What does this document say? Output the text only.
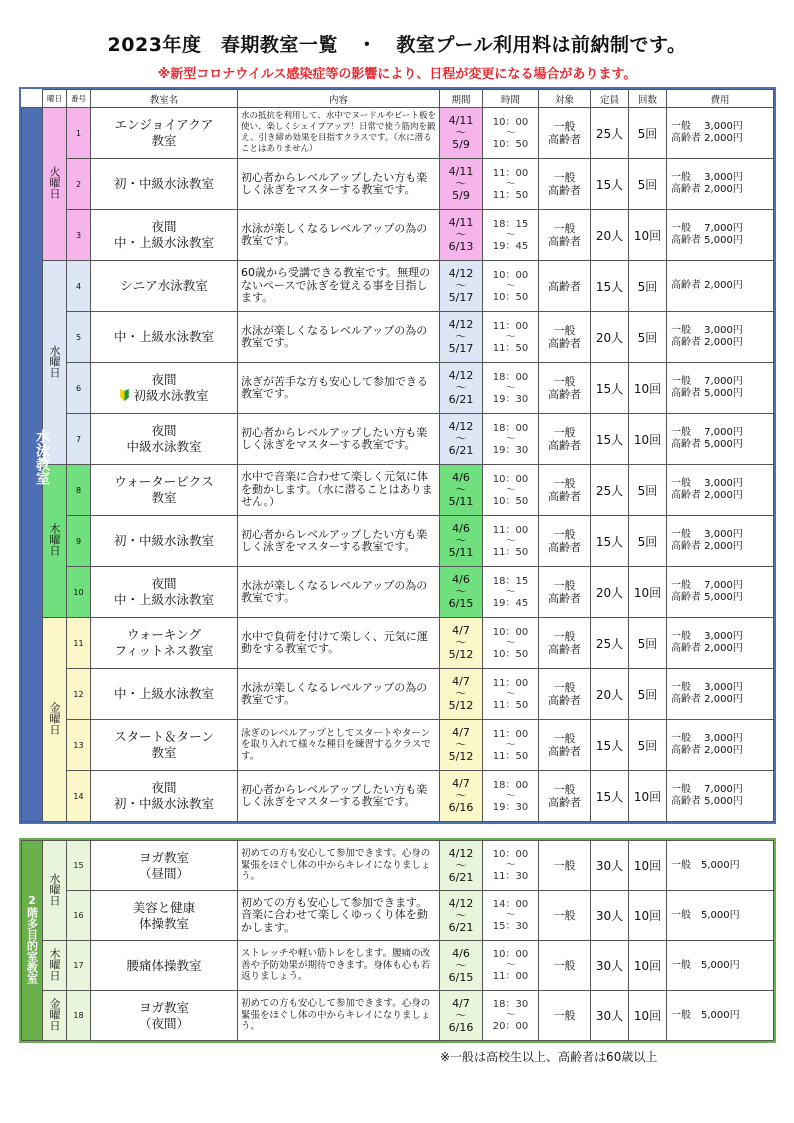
2023年度　春期教室一覧　・　教室プール利用料は前納制です。
※新型コロナウイルス感染症等の影響により、日程が変更になる場合があります。
	曜日	番号	教室名	内容	期間	時間	対象	定員	回数	費用
水泳教室	火曜日	1	エンジョイアクア
教室	水の抵抗を利用して、水中でヌードルやビート板を使い、楽しくシェイプアップ！日常で使う筋肉を鍛え、引き締め効果を目指すクラスです。（水に潜ることはありません）	4/11
～
5/9	10：00
～
10：50	一般
高齢者	25人	5回	一般　 3,000円
高齢者 2,000円
		2	初・中級水泳教室	初心者からレベルアップしたい方も楽しく泳ぎをマスターする教室です。	4/11
～
5/9	11：00
～
11：50	一般
高齢者	15人	5回	一般　 3,000円
高齢者 2,000円
		3	夜間
中・上級水泳教室	水泳が楽しくなるレベルアップの為の教室です。	4/11
～
6/13	18：15
～
19：45	一般
高齢者	20人	10回	一般　 7,000円
高齢者 5,000円
	水曜日	4	シニア水泳教室	60歳から受講できる教室です。無理のないペースで泳ぎを覚える事を目指します。	4/12
～
5/17	10：00
～
10：50	高齢者	15人	5回	高齢者 2,000円
		5	中・上級水泳教室	水泳が楽しくなるレベルアップの為の教室です。	4/12
～
5/17	11：00
～
11：50	一般
高齢者	20人	5回	一般　 3,000円
高齢者 2,000円
		6	夜間
初級水泳教室	泳ぎが苦手な方も安心して参加できる教室です。	4/12
～
6/21	18：00
～
19：30	一般
高齢者	15人	10回	一般　 7,000円
高齢者 5,000円
		7	夜間
中級水泳教室	初心者からレベルアップしたい方も楽しく泳ぎをマスターする教室です。	4/12
～
6/21	18：00
～
19：30	一般
高齢者	15人	10回	一般　 7,000円
高齢者 5,000円
	木曜日	8	ウォーターピクス
教室	水中で音楽に合わせて楽しく元気に体を動かします。（水に潜ることはありません。）	4/6
～
5/11	10：00
～
10：50	一般
高齢者	25人	5回	一般　 3,000円
高齢者 2,000円
		9	初・中級水泳教室	初心者からレベルアップしたい方も楽しく泳ぎをマスターする教室です。	4/6
～
5/11	11：00
～
11：50	一般
高齢者	15人	5回	一般　 3,000円
高齢者 2,000円
		10	夜間
中・上級水泳教室	水泳が楽しくなるレベルアップの為の教室です。	4/6
～
6/15	18：15
～
19：45	一般
高齢者	20人	10回	一般　 7,000円
高齢者 5,000円
	金曜日	11	ウォーキング
フィットネス教室	水中で負荷を付けて楽しく、元気に運動をする教室です。	4/7
～
5/12	10：00
～
10：50	一般
高齢者	25人	5回	一般　 3,000円
高齢者 2,000円
		12	中・上級水泳教室	水泳が楽しくなるレベルアップの為の教室です。	4/7
～
5/12	11：00
～
11：50	一般
高齢者	20人	5回	一般　 3,000円
高齢者 2,000円
		13	スタート＆ターン
教室	泳ぎのレベルアップとしてスタートやターンを取り入れて様々な種目を練習するクラスです。	4/7
～
5/12	11：00
～
11：50	一般
高齢者	15人	5回	一般　 3,000円
高齢者 2,000円
		14	夜間
初・中級水泳教室	初心者からレベルアップしたい方も楽しく泳ぎをマスターする教室です。	4/7
～
6/16	18：00
～
19：30	一般
高齢者	15人	10回	一般　 7,000円
高齢者 5,000円
2階多目的室教室	水曜日	15	ヨガ教室
（昼間）	初めての方も安心して参加できます。心身の緊張をほぐし体の中からキレイになりましょう。	4/12
～
6/21	10：00
～
11：30	一般	30人	10回	一般　5,000円
		16	美容と健康
体操教室	初めての方も安心して参加できます。音楽に合わせて楽しくゆっくり体を動かします。	4/12
～
6/21	14：00
～
15：30	一般	30人	10回	一般　5,000円
	木曜日	17	腰痛体操教室	ストレッチや軽い筋トレをします。腰痛の改善や予防効果が期待できます。身体も心も若返りましょう。	4/6
～
6/15	10：00
～
11：00	一般	30人	10回	一般　5,000円
	金曜日	18	ヨガ教室
（夜間）	初めての方も安心して参加できます。心身の緊張をほぐし体の中からキレイになりましょう。	4/7
～
6/16	18：30
～
20：00	一般	30人	10回	一般　5,000円
※一般は高校生以上、高齢者は60歳以上
